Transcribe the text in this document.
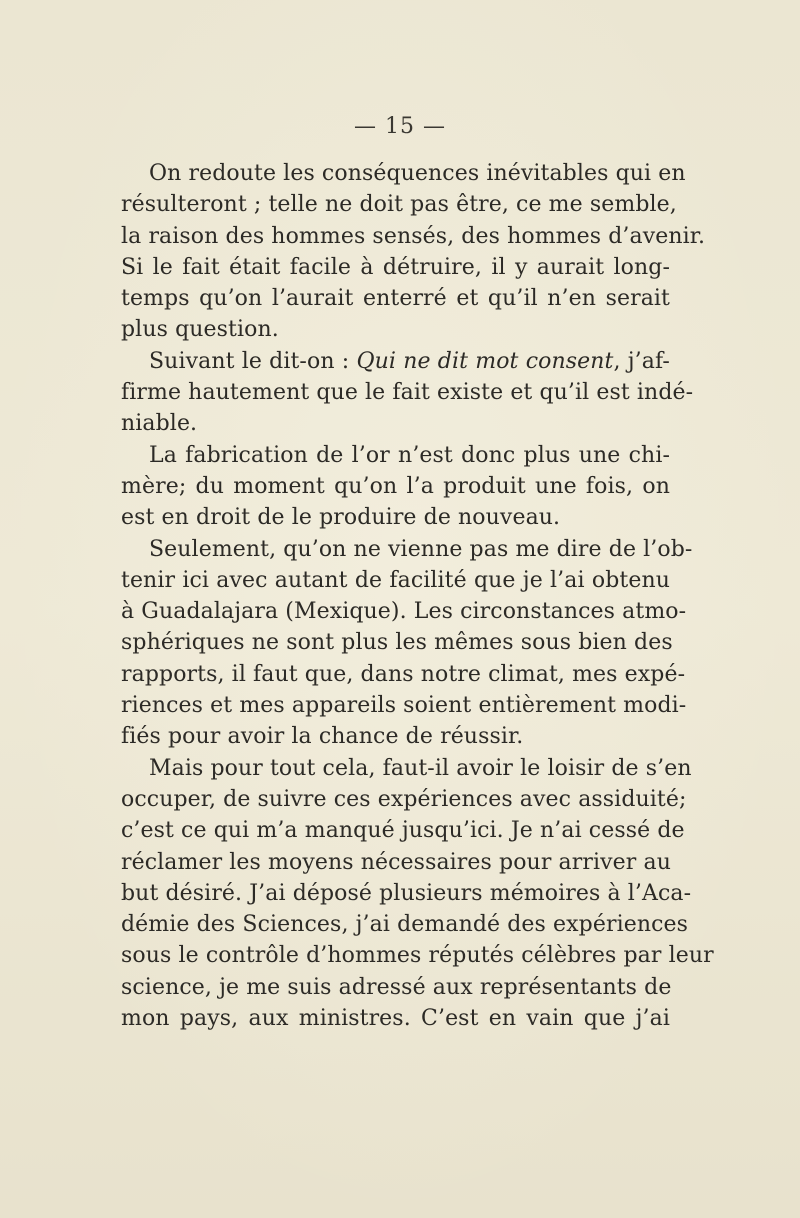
— 15 —
On redoute les conséquences inévitables qui en
résulteront ; telle ne doit pas être, ce me semble,
la raison des hommes sensés, des hommes d’avenir.
Si le fait était facile à détruire, il y aurait long-
temps qu’on l’aurait enterré et qu’il n’en serait
plus question.
Suivant le dit-on : Qui ne dit mot consent, j’af-
firme hautement que le fait existe et qu’il est indé-
niable.
La fabrication de l’or n’est donc plus une chi-
mère; du moment qu’on l’a produit une fois, on
est en droit de le produire de nouveau.
Seulement, qu’on ne vienne pas me dire de l’ob-
tenir ici avec autant de facilité que je l’ai obtenu
à Guadalajara (Mexique). Les circonstances atmo-
sphériques ne sont plus les mêmes sous bien des
rapports, il faut que, dans notre climat, mes expé-
riences et mes appareils soient entièrement modi-
fiés pour avoir la chance de réussir.
Mais pour tout cela, faut-il avoir le loisir de s’en
occuper, de suivre ces expériences avec assiduité;
c’est ce qui m’a manqué jusqu’ici. Je n’ai cessé de
réclamer les moyens nécessaires pour arriver au
but désiré. J’ai déposé plusieurs mémoires à l’Aca-
démie des Sciences, j’ai demandé des expériences
sous le contrôle d’hommes réputés célèbres par leur
science, je me suis adressé aux représentants de
mon pays, aux ministres. C’est en vain que j’ai
